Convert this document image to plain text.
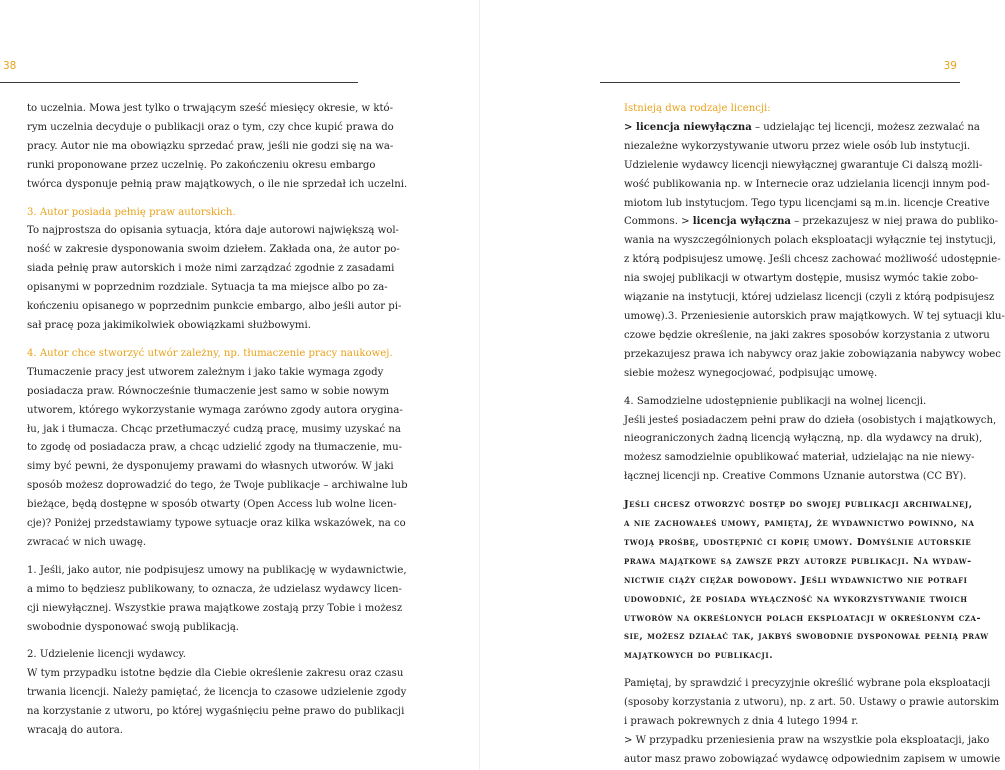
38
to uczelnia. Mowa jest tylko o trwającym sześć miesięcy okresie, w któ-
rym uczelnia decyduje o publikacji oraz o tym, czy chce kupić prawa do
pracy. Autor nie ma obowiązku sprzedać praw, jeśli nie godzi się na wa-
runki proponowane przez uczelnię. Po zakończeniu okresu embargo
twórca dysponuje pełnią praw majątkowych, o ile nie sprzedał ich uczelni.
3. Autor posiada pełnię praw autorskich.
To najprostsza do opisania sytuacja, która daje autorowi największą wol-
ność w zakresie dysponowania swoim dziełem. Zakłada ona, że autor po-
siada pełnię praw autorskich i może nimi zarządzać zgodnie z zasadami
opisanymi w poprzednim rozdziale. Sytuacja ta ma miejsce albo po za-
kończeniu opisanego w poprzednim punkcie embargo, albo jeśli autor pi-
sał pracę poza jakimikolwiek obowiązkami służbowymi.
4. Autor chce stworzyć utwór zależny, np. tłumaczenie pracy naukowej.
Tłumaczenie pracy jest utworem zależnym i jako takie wymaga zgody
posiadacza praw. Równocześnie tłumaczenie jest samo w sobie nowym
utworem, którego wykorzystanie wymaga zarówno zgody autora orygina-
łu, jak i tłumacza. Chcąc przetłumaczyć cudzą pracę, musimy uzyskać na
to zgodę od posiadacza praw, a chcąc udzielić zgody na tłumaczenie, mu-
simy być pewni, że dysponujemy prawami do własnych utworów. W jaki
sposób możesz doprowadzić do tego, że Twoje publikacje – archiwalne lub
bieżące, będą dostępne w sposób otwarty (Open Access lub wolne licen-
cje)? Poniżej przedstawiamy typowe sytuacje oraz kilka wskazówek, na co
zwracać w nich uwagę.
1. Jeśli, jako autor, nie podpisujesz umowy na publikację w wydawnictwie,
a mimo to będziesz publikowany, to oznacza, że udzielasz wydawcy licen-
cji niewyłącznej. Wszystkie prawa majątkowe zostają przy Tobie i możesz
swobodnie dysponować swoją publikacją.
2. Udzielenie licencji wydawcy.
W tym przypadku istotne będzie dla Ciebie określenie zakresu oraz czasu
trwania licencji. Należy pamiętać, że licencja to czasowe udzielenie zgody
na korzystanie z utworu, po której wygaśnięciu pełne prawo do publikacji
wracają do autora.
39
Istnieją dwa rodzaje licencji:
> licencja niewyłączna – udzielając tej licencji, możesz zezwalać na
niezależne wykorzystywanie utworu przez wiele osób lub instytucji.
Udzielenie wydawcy licencji niewyłącznej gwarantuje Ci dalszą możli-
wość publikowania np. w Internecie oraz udzielania licencji innym pod-
miotom lub instytucjom. Tego typu licencjami są m.in. licencje Creative
Commons. > licencja wyłączna – przekazujesz w niej prawa do publiko-
wania na wyszczególnionych polach eksploatacji wyłącznie tej instytucji,
z którą podpisujesz umowę. Jeśli chcesz zachować możliwość udostępnie-
nia swojej publikacji w otwartym dostępie, musisz wymóc takie zobo-
wiązanie na instytucji, której udzielasz licencji (czyli z którą podpisujesz
umowę).3. Przeniesienie autorskich praw majątkowych. W tej sytuacji klu-
czowe będzie określenie, na jaki zakres sposobów korzystania z utworu
przekazujesz prawa ich nabywcy oraz jakie zobowiązania nabywcy wobec
siebie możesz wynegocjować, podpisując umowę.
4. Samodzielne udostępnienie publikacji na wolnej licencji.
Jeśli jesteś posiadaczem pełni praw do dzieła (osobistych i majątkowych,
nieograniczonych żadną licencją wyłączną, np. dla wydawcy na druk),
możesz samodzielnie opublikować materiał, udzielając na nie niewy-
łącznej licencji np. Creative Commons Uznanie autorstwa (CC BY).
Jeśli chcesz otworzyć dostęp do swojej publikacji archiwalnej,
a nie zachowałeś umowy, pamiętaj, że wydawnictwo powinno, na
twoją prośbę, udostępnić ci kopię umowy. Domyślnie autorskie
prawa majątkowe są zawsze przy autorze publikacji. Na wydaw-
nictwie ciąży ciężar dowodowy. Jeśli wydawnictwo nie potrafi
udowodnić, że posiada wyłączność na wykorzystywanie twoich
utworów na określonych polach eksploatacji w określonym cza-
sie, możesz działać tak, jakbyś swobodnie dysponował pełnią praw
majątkowych do publikacji.
Pamiętaj, by sprawdzić i precyzyjnie określić wybrane pola eksploatacji
(sposoby korzystania z utworu), np. z art. 50. Ustawy o prawie autorskim
i prawach pokrewnych z dnia 4 lutego 1994 r.
> W przypadku przeniesienia praw na wszystkie pola eksploatacji, jako
autor masz prawo zobowiązać wydawcę odpowiednim zapisem w umowie
